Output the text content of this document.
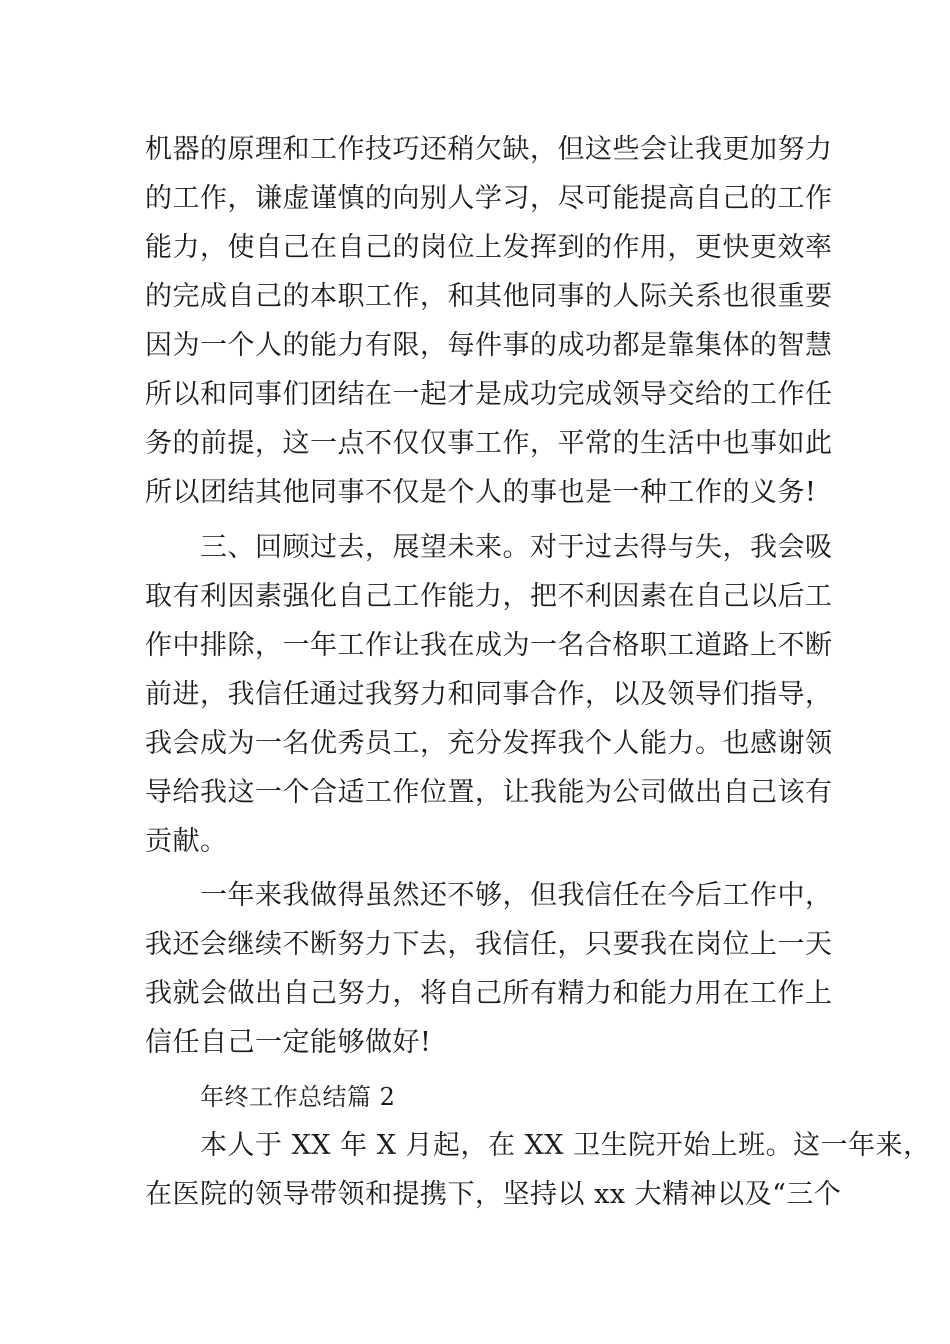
机器的原理和工作技巧还稍欠缺，但这些会让我更加努力
的工作，谦虚谨慎的向别人学习，尽可能提高自己的工作
能力，使自己在自己的岗位上发挥到的作用，更快更效率
的完成自己的本职工作，和其他同事的人际关系也很重要
因为一个人的能力有限，每件事的成功都是靠集体的智慧
所以和同事们团结在一起才是成功完成领导交给的工作任
务的前提，这一点不仅仅事工作，平常的生活中也事如此
所以团结其他同事不仅是个人的事也是一种工作的义务!
三、回顾过去，展望未来。对于过去得与失，我会吸
取有利因素强化自己工作能力，把不利因素在自己以后工
作中排除，一年工作让我在成为一名合格职工道路上不断
前进，我信任通过我努力和同事合作，以及领导们指导，
我会成为一名优秀员工，充分发挥我个人能力。也感谢领
导给我这一个合适工作位置，让我能为公司做出自己该有
贡献。
一年来我做得虽然还不够，但我信任在今后工作中，
我还会继续不断努力下去，我信任，只要我在岗位上一天
我就会做出自己努力，将自己所有精力和能力用在工作上
信任自己一定能够做好!
年终工作总结篇 2
本人于 XX 年 X 月起，在 XX 卫生院开始上班。这一年来，
在医院的领导带领和提携下，坚持以 xx 大精神以及“三个
